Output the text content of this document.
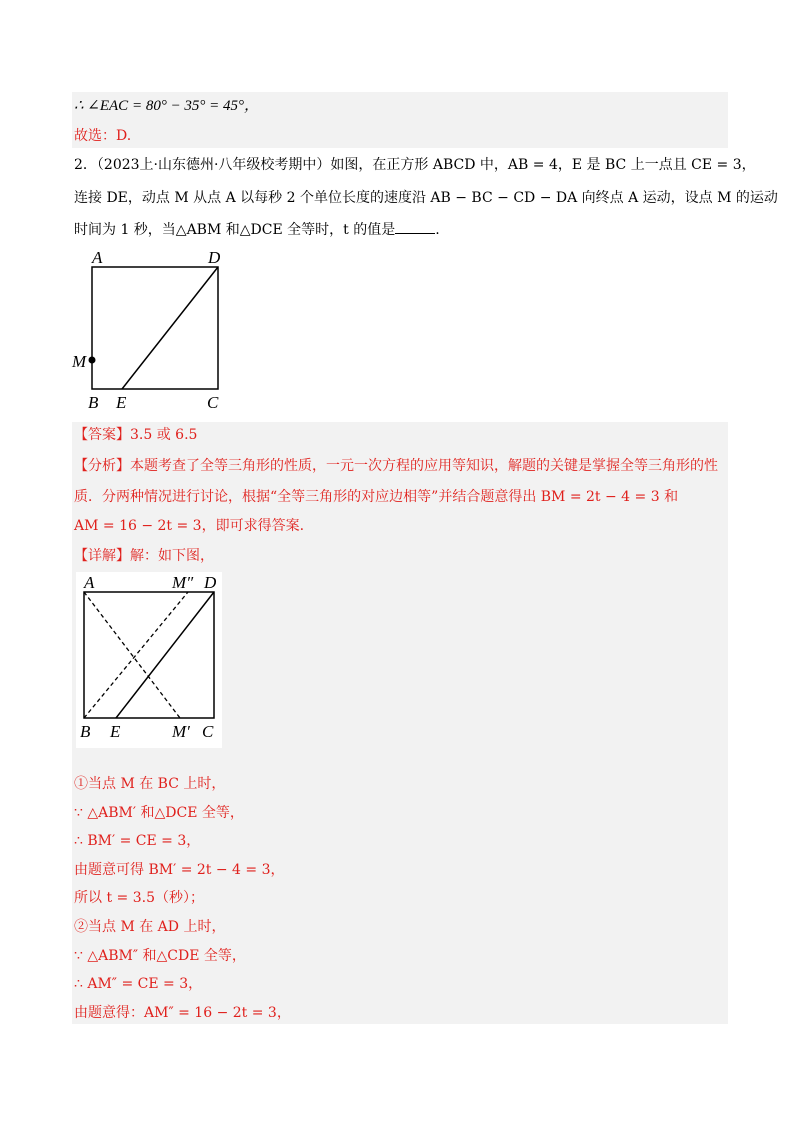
∴ ∠EAC = 80° − 35° = 45°，
故选：D.
2．（2023上·山东德州·八年级校考期中）如图，在正方形 ABCD 中，AB = 4，E 是 BC 上一点且 CE = 3，
连接 DE，动点 M 从点 A 以每秒 2 个单位长度的速度沿 AB − BC − CD − DA 向终点 A 运动，设点 M 的运动
时间为 1 秒，当△ABM 和△DCE 全等时，t 的值是	.
A	D
M
B E	C
【答案】3.5 或 6.5
【分析】本题考查了全等三角形的性质，一元一次方程的应用等知识，解题的关键是掌握全等三角形的性
质．分两种情况进行讨论，根据“全等三角形的对应边相等”并结合题意得出 BM = 2t − 4 = 3 和
AM = 16 − 2t = 3，即可求得答案.
【详解】解：如下图，
A	M″ D
B E	M′ C
①当点 M 在 BC 上时，
∵ △ABM′ 和△DCE 全等，
∴ BM′ = CE = 3，
由题意可得 BM′ = 2t − 4 = 3，
所以 t = 3.5（秒）；
②当点 M 在 AD 上时，
∵ △ABM″ 和△CDE 全等，
∴ AM″ = CE = 3，
由题意得：AM″ = 16 − 2t = 3，
